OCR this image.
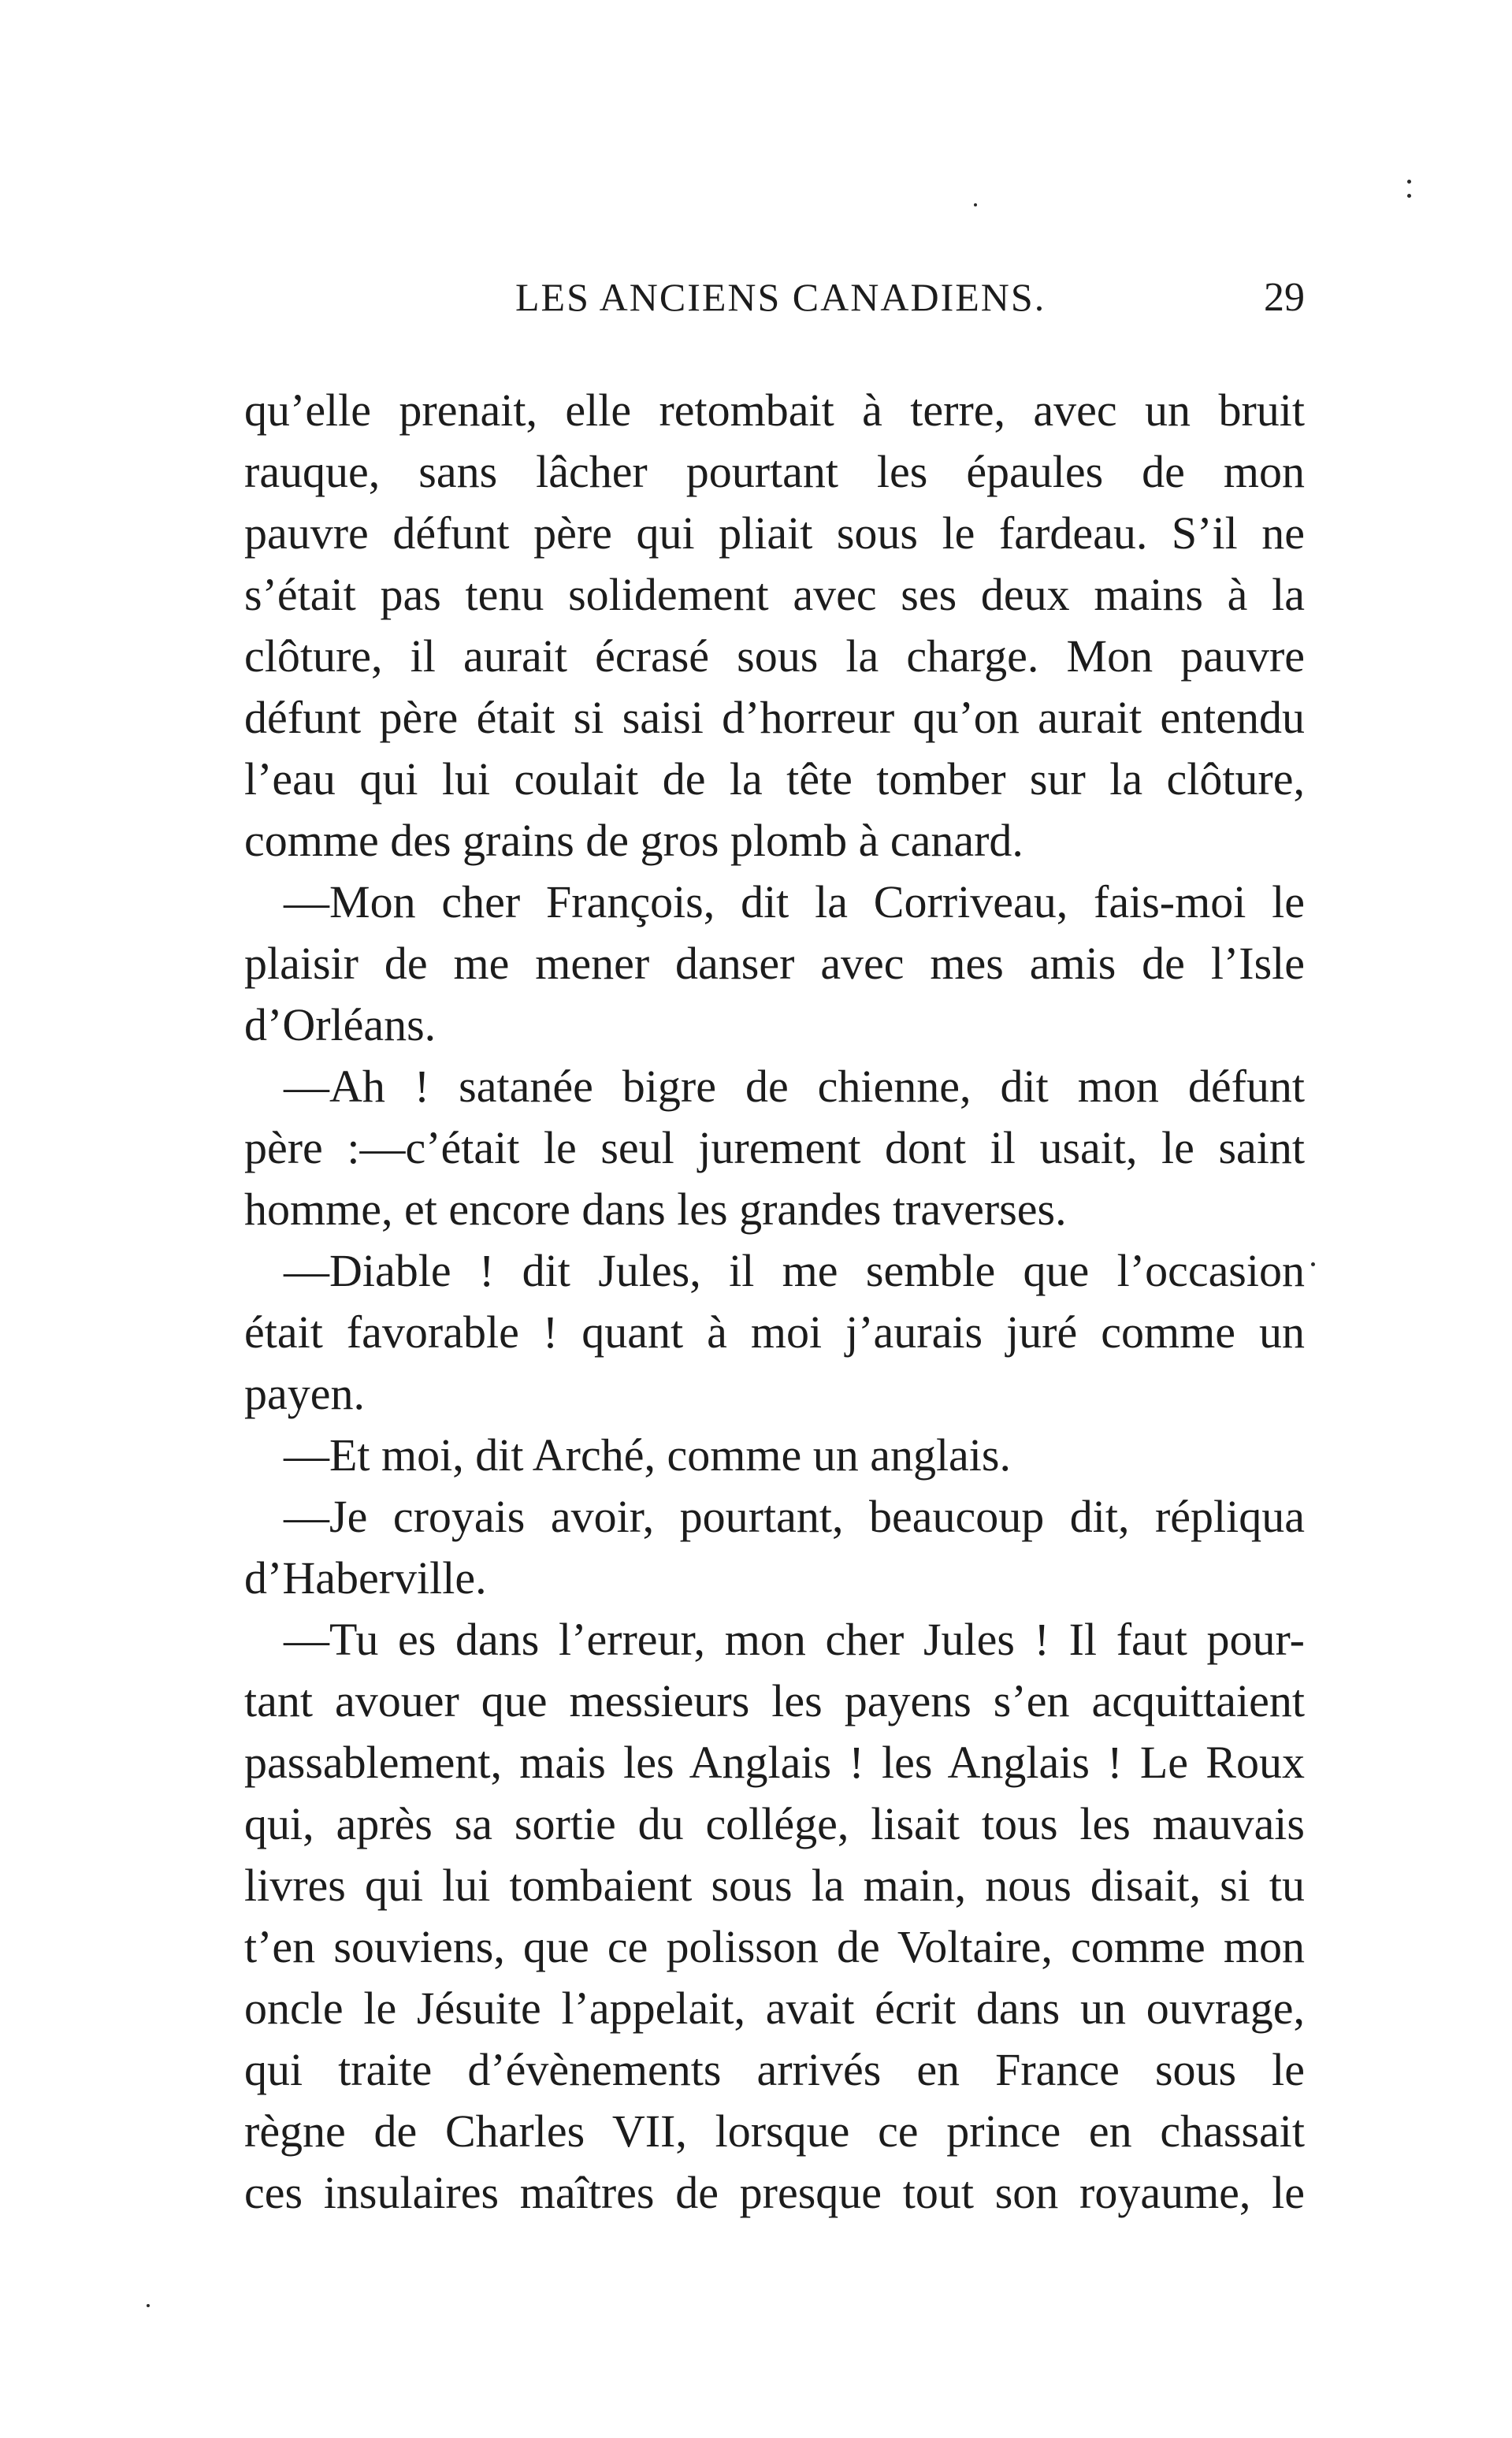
LES ANCIENS CANADIENS.	29
qu’elle prenait, elle retombait à terre, avec un bruit
rauque, sans lâcher pourtant les épaules de mon
pauvre défunt père qui pliait sous le fardeau. S’il ne
s’était pas tenu solidement avec ses deux mains à la
clôture, il aurait écrasé sous la charge. Mon pauvre
défunt père était si saisi d’horreur qu’on aurait entendu
l’eau qui lui coulait de la tête tomber sur la clôture,
comme des grains de gros plomb à canard.
—Mon cher François, dit la Corriveau, fais-moi le
plaisir de me mener danser avec mes amis de l’Isle
d’Orléans.
—Ah ! satanée bigre de chienne, dit mon défunt
père :—c’était le seul jurement dont il usait, le saint
homme, et encore dans les grandes traverses.
—Diable ! dit Jules, il me semble que l’occasion
était favorable ! quant à moi j’aurais juré comme un
payen.
—Et moi, dit Arché, comme un anglais.
—Je croyais avoir, pourtant, beaucoup dit, répliqua
d’Haberville.
—Tu es dans l’erreur, mon cher Jules ! Il faut pour-
tant avouer que messieurs les payens s’en acquittaient
passablement, mais les Anglais ! les Anglais ! Le Roux
qui, après sa sortie du collége, lisait tous les mauvais
livres qui lui tombaient sous la main, nous disait, si tu
t’en souviens, que ce polisson de Voltaire, comme mon
oncle le Jésuite l’appelait, avait écrit dans un ouvrage,
qui traite d’évènements arrivés en France sous le
règne de Charles VII, lorsque ce prince en chassait
ces insulaires maîtres de presque tout son royaume, le
